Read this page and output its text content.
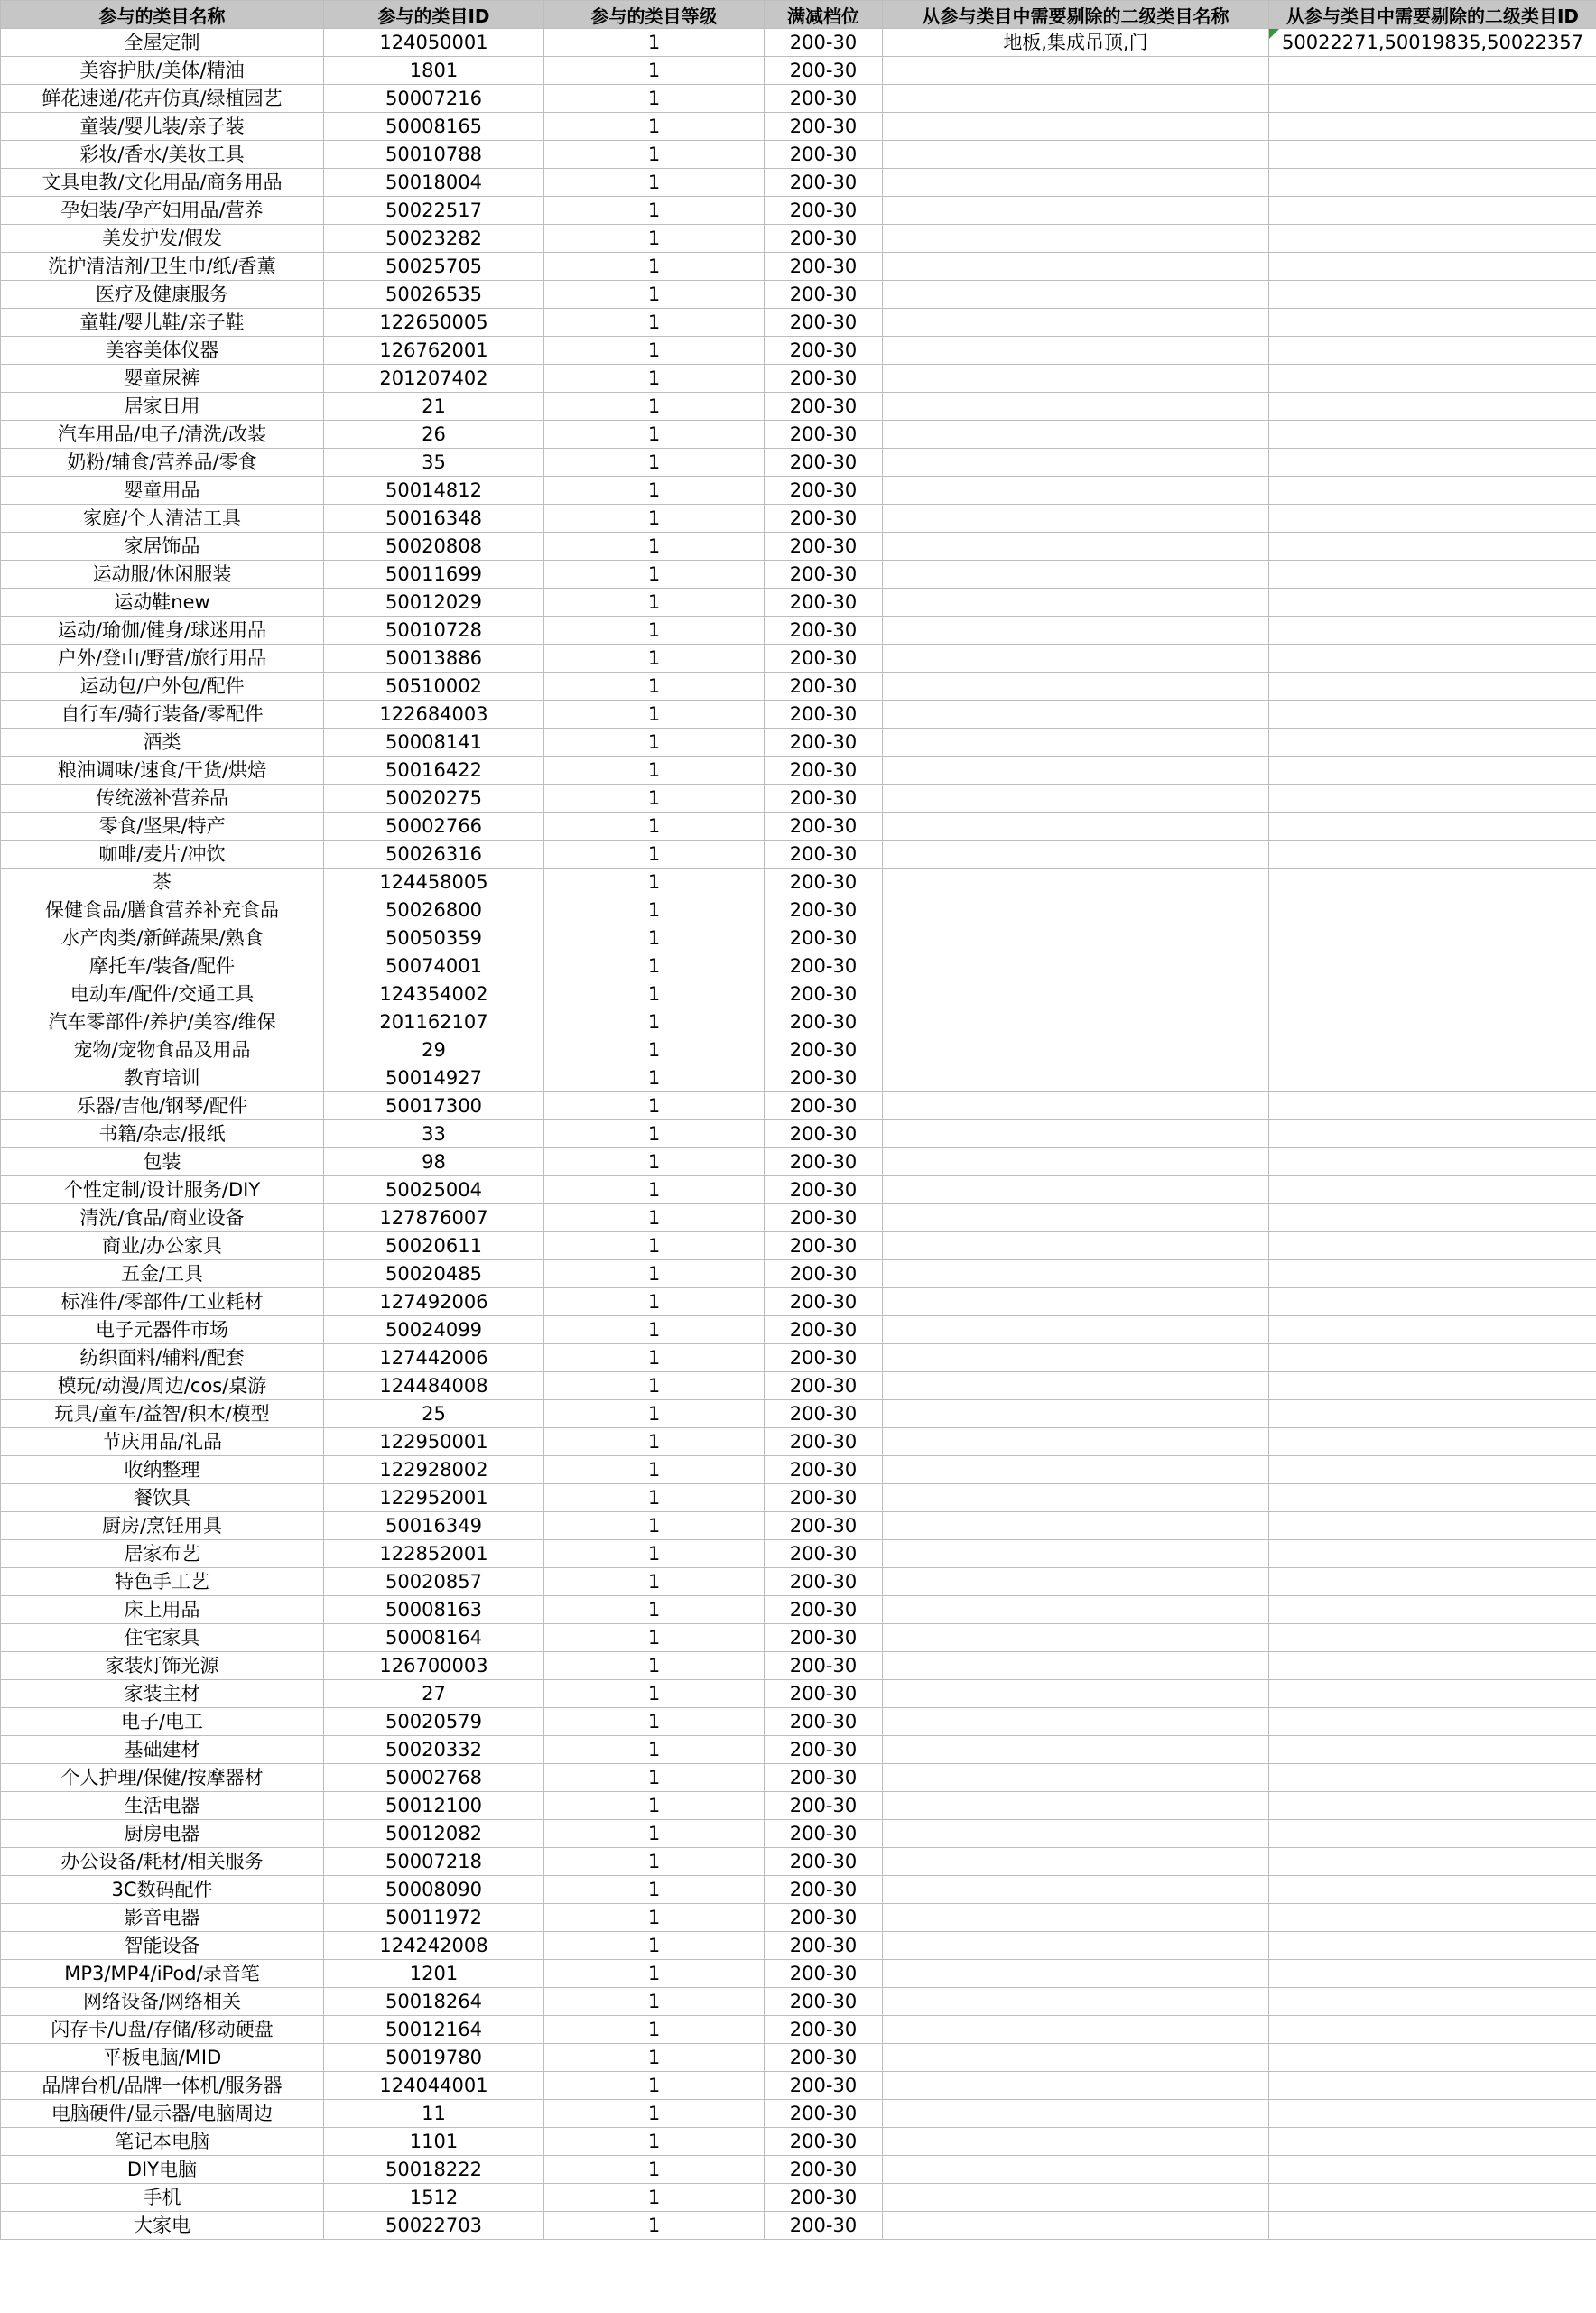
参与的类目名称	参与的类目ID	参与的类目等级	满减档位	从参与类目中需要剔除的二级类目名称	从参与类目中需要剔除的二级类目ID
全屋定制	124050001	1	200-30	地板,集成吊顶,门	50022271,50019835,50022357
美容护肤/美体/精油	1801	1	200-30		
鲜花速递/花卉仿真/绿植园艺	50007216	1	200-30		
童装/婴儿装/亲子装	50008165	1	200-30		
彩妆/香水/美妆工具	50010788	1	200-30		
文具电教/文化用品/商务用品	50018004	1	200-30		
孕妇装/孕产妇用品/营养	50022517	1	200-30		
美发护发/假发	50023282	1	200-30		
洗护清洁剂/卫生巾/纸/香薰	50025705	1	200-30		
医疗及健康服务	50026535	1	200-30		
童鞋/婴儿鞋/亲子鞋	122650005	1	200-30		
美容美体仪器	126762001	1	200-30		
婴童尿裤	201207402	1	200-30		
居家日用	21	1	200-30		
汽车用品/电子/清洗/改装	26	1	200-30		
奶粉/辅食/营养品/零食	35	1	200-30		
婴童用品	50014812	1	200-30		
家庭/个人清洁工具	50016348	1	200-30		
家居饰品	50020808	1	200-30		
运动服/休闲服装	50011699	1	200-30		
运动鞋new	50012029	1	200-30		
运动/瑜伽/健身/球迷用品	50010728	1	200-30		
户外/登山/野营/旅行用品	50013886	1	200-30		
运动包/户外包/配件	50510002	1	200-30		
自行车/骑行装备/零配件	122684003	1	200-30		
酒类	50008141	1	200-30		
粮油调味/速食/干货/烘焙	50016422	1	200-30		
传统滋补营养品	50020275	1	200-30		
零食/坚果/特产	50002766	1	200-30		
咖啡/麦片/冲饮	50026316	1	200-30		
茶	124458005	1	200-30		
保健食品/膳食营养补充食品	50026800	1	200-30		
水产肉类/新鲜蔬果/熟食	50050359	1	200-30		
摩托车/装备/配件	50074001	1	200-30		
电动车/配件/交通工具	124354002	1	200-30		
汽车零部件/养护/美容/维保	201162107	1	200-30		
宠物/宠物食品及用品	29	1	200-30		
教育培训	50014927	1	200-30		
乐器/吉他/钢琴/配件	50017300	1	200-30		
书籍/杂志/报纸	33	1	200-30		
包装	98	1	200-30		
个性定制/设计服务/DIY	50025004	1	200-30		
清洗/食品/商业设备	127876007	1	200-30		
商业/办公家具	50020611	1	200-30		
五金/工具	50020485	1	200-30		
标准件/零部件/工业耗材	127492006	1	200-30		
电子元器件市场	50024099	1	200-30		
纺织面料/辅料/配套	127442006	1	200-30		
模玩/动漫/周边/cos/桌游	124484008	1	200-30		
玩具/童车/益智/积木/模型	25	1	200-30		
节庆用品/礼品	122950001	1	200-30		
收纳整理	122928002	1	200-30		
餐饮具	122952001	1	200-30		
厨房/烹饪用具	50016349	1	200-30		
居家布艺	122852001	1	200-30		
特色手工艺	50020857	1	200-30		
床上用品	50008163	1	200-30		
住宅家具	50008164	1	200-30		
家装灯饰光源	126700003	1	200-30		
家装主材	27	1	200-30		
电子/电工	50020579	1	200-30		
基础建材	50020332	1	200-30		
个人护理/保健/按摩器材	50002768	1	200-30		
生活电器	50012100	1	200-30		
厨房电器	50012082	1	200-30		
办公设备/耗材/相关服务	50007218	1	200-30		
3C数码配件	50008090	1	200-30		
影音电器	50011972	1	200-30		
智能设备	124242008	1	200-30		
MP3/MP4/iPod/录音笔	1201	1	200-30		
网络设备/网络相关	50018264	1	200-30		
闪存卡/U盘/存储/移动硬盘	50012164	1	200-30		
平板电脑/MID	50019780	1	200-30		
品牌台机/品牌一体机/服务器	124044001	1	200-30		
电脑硬件/显示器/电脑周边	11	1	200-30		
笔记本电脑	1101	1	200-30		
DIY电脑	50018222	1	200-30		
手机	1512	1	200-30		
大家电	50022703	1	200-30		
